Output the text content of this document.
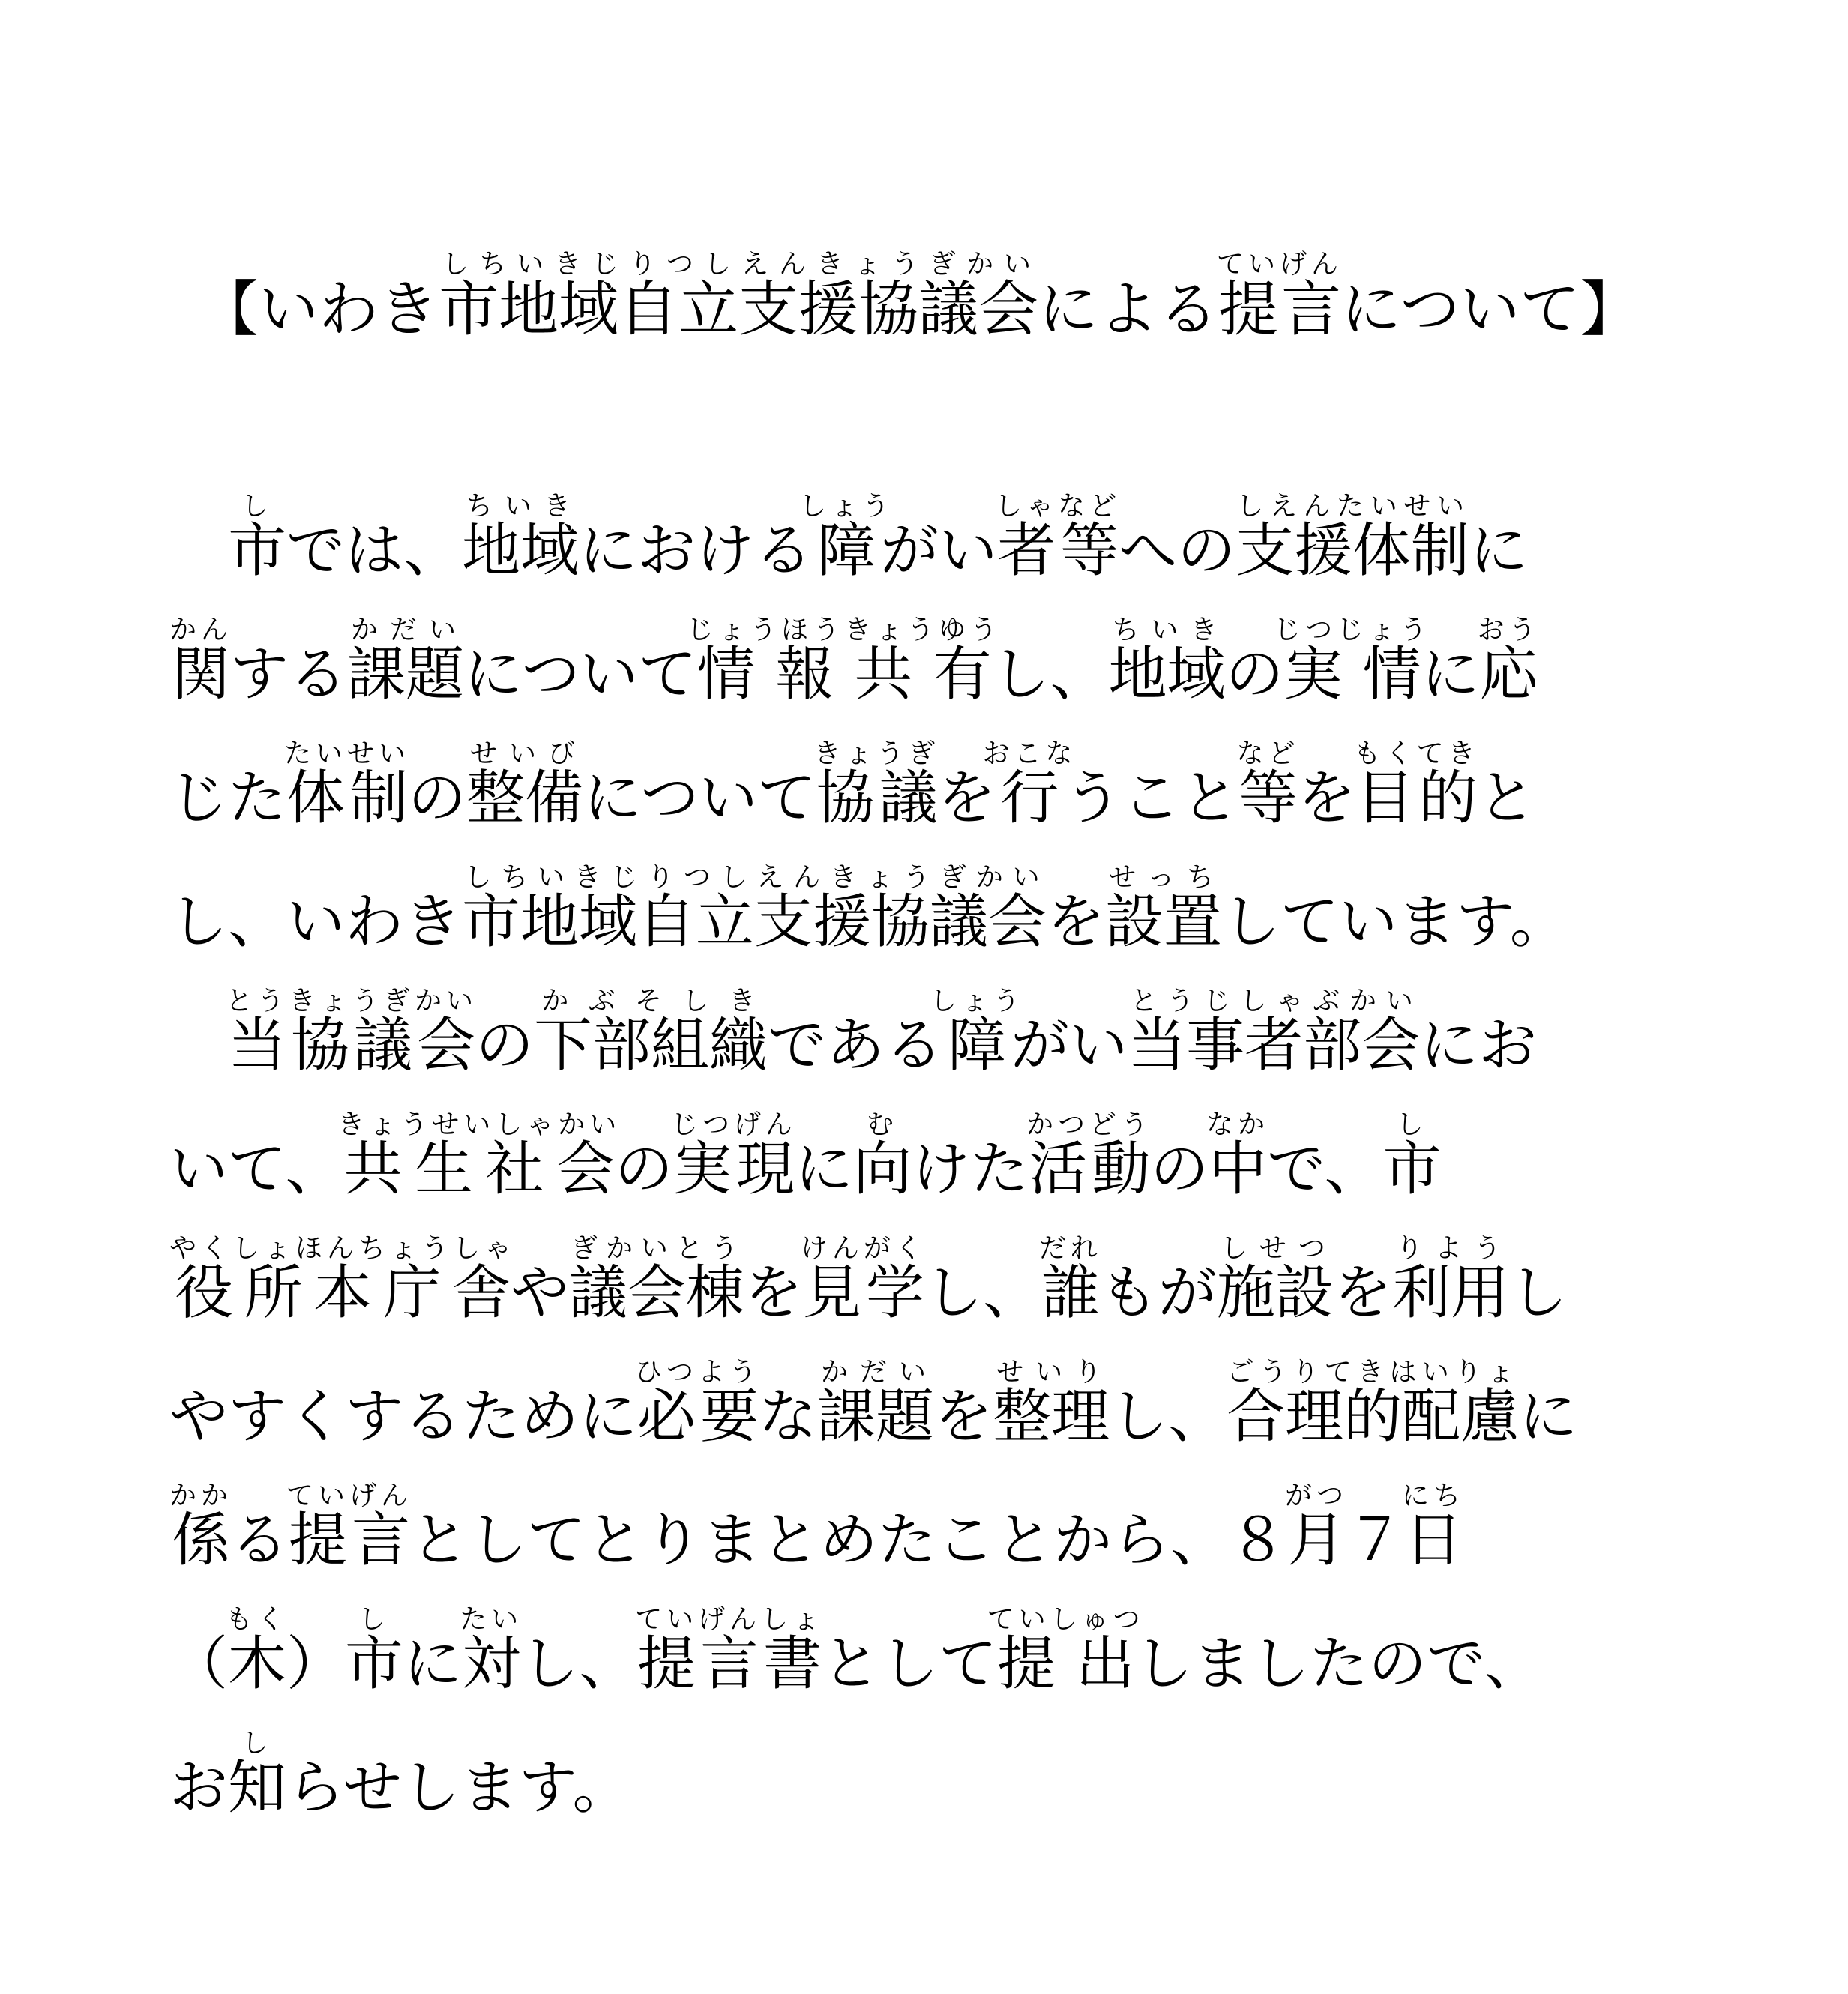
【いわき市地域自立支援協議会しちいきじりつしえんきょうぎかいによる提言ていげんについて】
　市しでは、地域ちいきにおける障しょうがい者等しゃなどへの支援体制しえんたいせいに
関かんする課題かだいについて情報共有じょうほうきょうゆうし、地域ちいきの実情じつじょうに応おう
じた体制たいせいの整備せいびについて協議きょうぎを行おこなうこと等などを目的もくてきと
し、いわき市地域自立支援協議会しちいきじりつしえんきょうぎかいを設置せっちしています。
　当協議会とうきょうぎかいの下部組織かぶそしきである障しょうがい当事者部会とうじしゃぶかいにお
いて、共生社会きょうせいしゃかいの実現じつげんに向むけた活動かつどうの中なかで、市し
役所本庁舎やくしょほんちょうしゃや議会棟ぎかいとうを見学けんがくし、誰だれもが施設しせつを利用りようし
やすくするために必要ひつような課題かだいを整理せいりし、合理的配慮ごうりてきはいりょに
係かかる提言ていげんとしてとりまとめたことから、８月がつ７日にち
（木もく）市しに対たいし、提言書ていげんしょとして提出ていしゅつしましたので、
お知しらせします。
